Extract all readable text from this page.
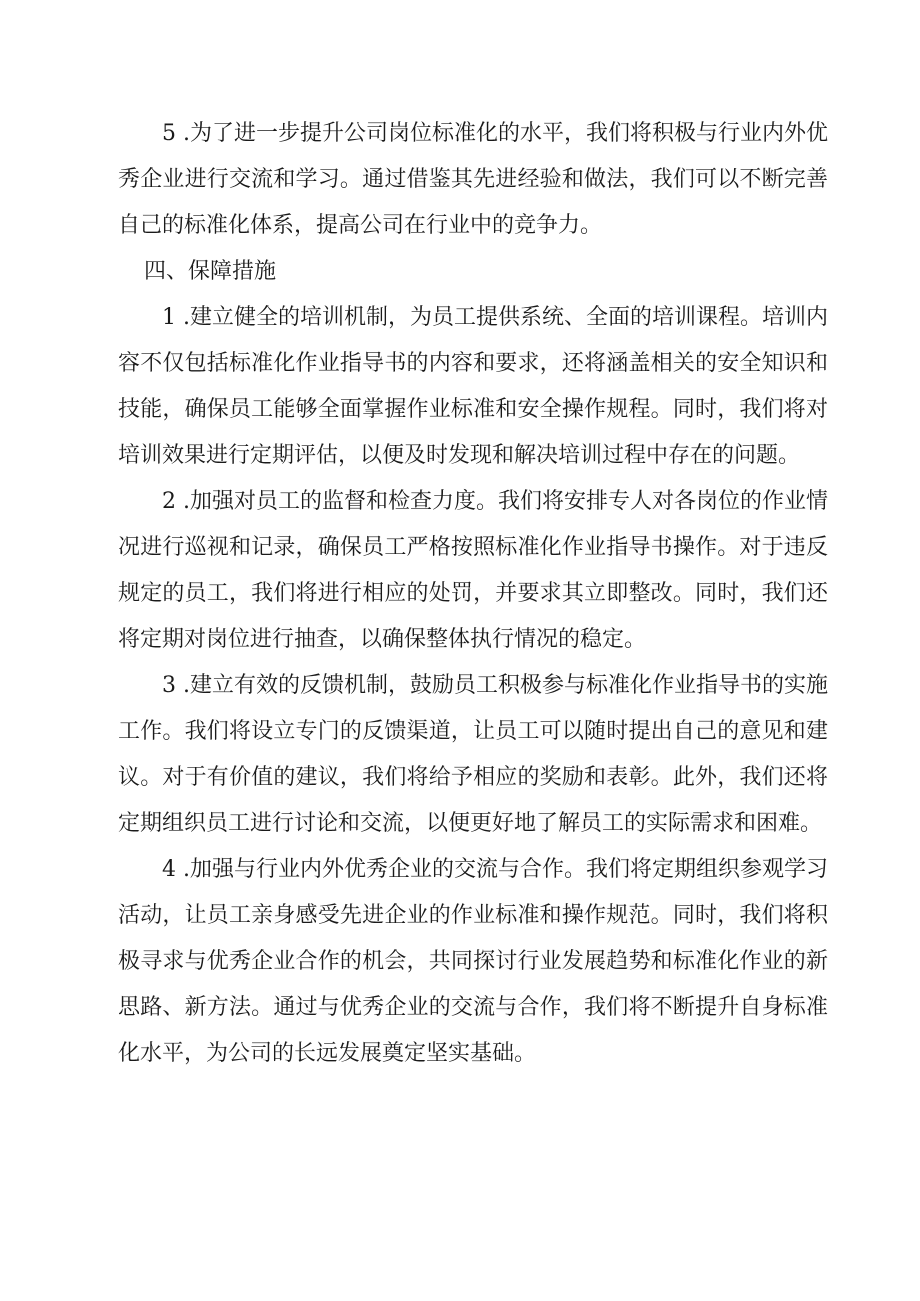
5 .为了进一步提升公司岗位标准化的水平，我们将积极与行业内外优秀企业进行交流和学习。通过借鉴其先进经验和做法，我们可以不断完善自己的标准化体系，提高公司在行业中的竞争力。

四、保障措施

1 .建立健全的培训机制，为员工提供系统、全面的培训课程。培训内容不仅包括标准化作业指导书的内容和要求，还将涵盖相关的安全知识和技能，确保员工能够全面掌握作业标准和安全操作规程。同时，我们将对培训效果进行定期评估，以便及时发现和解决培训过程中存在的问题。

2 .加强对员工的监督和检查力度。我们将安排专人对各岗位的作业情况进行巡视和记录，确保员工严格按照标准化作业指导书操作。对于违反规定的员工，我们将进行相应的处罚，并要求其立即整改。同时，我们还将定期对岗位进行抽查，以确保整体执行情况的稳定。

3 .建立有效的反馈机制，鼓励员工积极参与标准化作业指导书的实施工作。我们将设立专门的反馈渠道，让员工可以随时提出自己的意见和建议。对于有价值的建议，我们将给予相应的奖励和表彰。此外，我们还将定期组织员工进行讨论和交流，以便更好地了解员工的实际需求和困难。

4 .加强与行业内外优秀企业的交流与合作。我们将定期组织参观学习活动，让员工亲身感受先进企业的作业标准和操作规范。同时，我们将积极寻求与优秀企业合作的机会，共同探讨行业发展趋势和标准化作业的新思路、新方法。通过与优秀企业的交流与合作，我们将不断提升自身标准化水平，为公司的长远发展奠定坚实基础。
